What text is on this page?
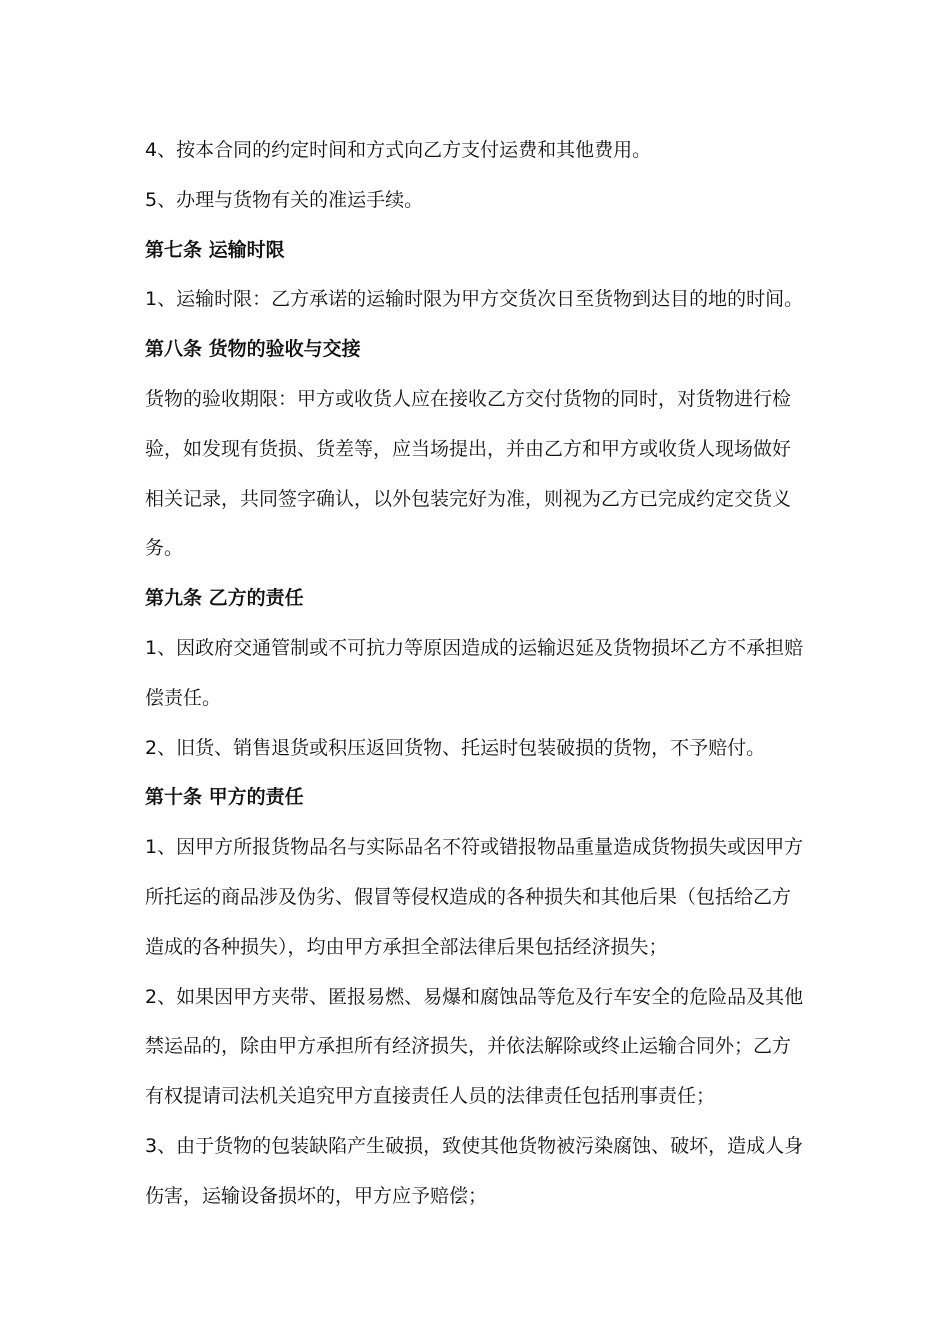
4、按本合同的约定时间和方式向乙方支付运费和其他费用。
5、办理与货物有关的准运手续。
第七条 运输时限
1、运输时限：乙方承诺的运输时限为甲方交货次日至货物到达目的地的时间。
第八条 货物的验收与交接
货物的验收期限：甲方或收货人应在接收乙方交付货物的同时，对货物进行检
验，如发现有货损、货差等，应当场提出，并由乙方和甲方或收货人现场做好
相关记录，共同签字确认，以外包装完好为准，则视为乙方已完成约定交货义
务。
第九条 乙方的责任
1、因政府交通管制或不可抗力等原因造成的运输迟延及货物损坏乙方不承担赔
偿责任。
2、旧货、销售退货或积压返回货物、托运时包装破损的货物，不予赔付。
第十条 甲方的责任
1、因甲方所报货物品名与实际品名不符或错报物品重量造成货物损失或因甲方
所托运的商品涉及伪劣、假冒等侵权造成的各种损失和其他后果（包括给乙方
造成的各种损失），均由甲方承担全部法律后果包括经济损失；
2、如果因甲方夹带、匿报易燃、易爆和腐蚀品等危及行车安全的危险品及其他
禁运品的，除由甲方承担所有经济损失，并依法解除或终止运输合同外；乙方
有权提请司法机关追究甲方直接责任人员的法律责任包括刑事责任；
3、由于货物的包装缺陷产生破损，致使其他货物被污染腐蚀、破坏，造成人身
伤害，运输设备损坏的，甲方应予赔偿；
